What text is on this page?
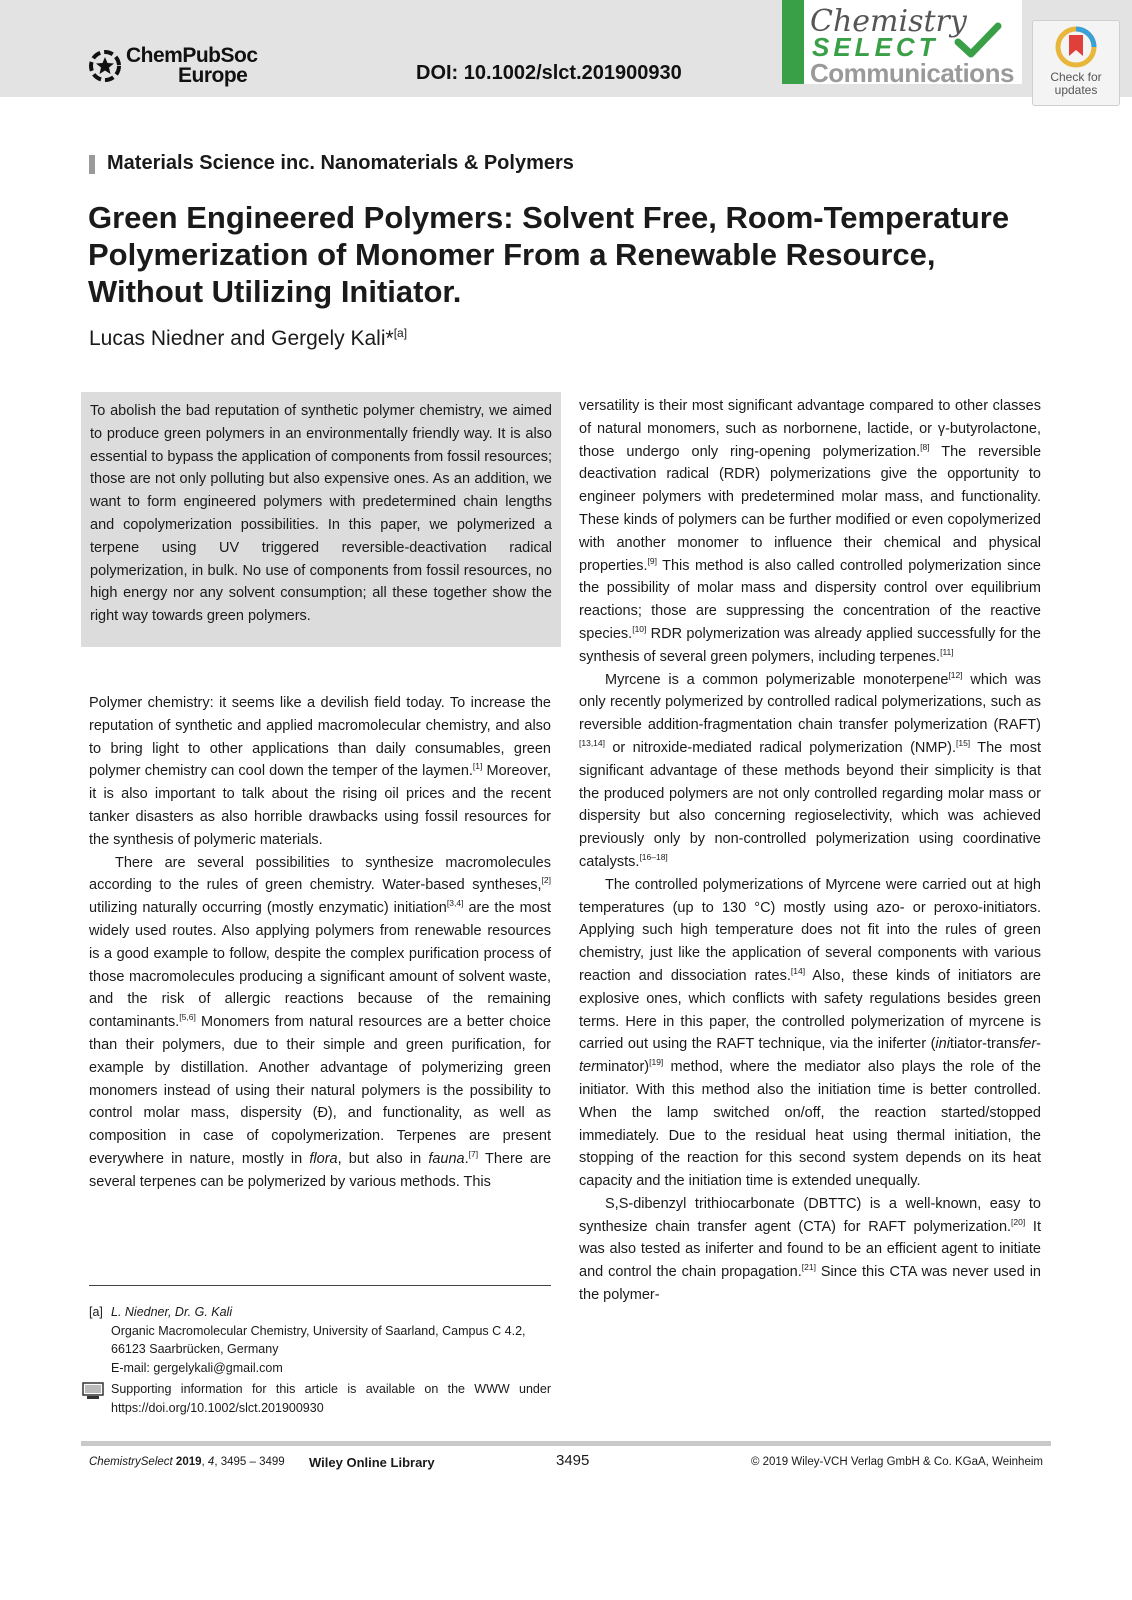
ChemPubSoc
Europe	DOI: 10.1002/slct.201900930
Chemistry
SELECT
Communications	Check for
updates
Materials Science inc. Nanomaterials & Polymers
Green Engineered Polymers: Solvent Free, Room-Temperature Polymerization of Monomer From a Renewable Resource, Without Utilizing Initiator.
Lucas Niedner and Gergely Kali*[a]

To abolish the bad reputation of synthetic polymer chemistry, we aimed to produce green polymers in an environmentally friendly way. It is also essential to bypass the application of components from fossil resources; those are not only polluting but also expensive ones. As an addition, we want to form engineered polymers with predetermined chain lengths and copolymerization possibilities. In this paper, we polymerized a terpene using UV triggered reversible-deactivation radical polymerization, in bulk. No use of components from fossil resources, no high energy nor any solvent consumption; all these together show the right way towards green polymers.

Polymer chemistry: it seems like a devilish field today. To increase the reputation of synthetic and applied macromolecular chemistry, and also to bring light to other applications than daily consumables, green polymer chemistry can cool down the temper of the laymen.[1] Moreover, it is also important to talk about the rising oil prices and the recent tanker disasters as also horrible drawbacks using fossil resources for the synthesis of polymeric materials.

There are several possibilities to synthesize macromolecules according to the rules of green chemistry. Water-based syntheses,[2] utilizing naturally occurring (mostly enzymatic) initiation[3,4] are the most widely used routes. Also applying polymers from renewable resources is a good example to follow, despite the complex purification process of those macromolecules producing a significant amount of solvent waste, and the risk of allergic reactions because of the remaining contaminants.[5,6] Monomers from natural resources are a better choice than their polymers, due to their simple and green purification, for example by distillation. Another advantage of polymerizing green monomers instead of using their natural polymers is the possibility to control molar mass, dispersity (Đ), and functionality, as well as composition in case of copolymerization. Terpenes are present everywhere in nature, mostly in flora, but also in fauna.[7] There are several terpenes can be polymerized by various methods. This

versatility is their most significant advantage compared to other classes of natural monomers, such as norbornene, lactide, or γ-butyrolactone, those undergo only ring-opening polymerization.[8] The reversible deactivation radical (RDR) polymerizations give the opportunity to engineer polymers with predetermined molar mass, and functionality. These kinds of polymers can be further modified or even copolymerized with another monomer to influence their chemical and physical properties.[9] This method is also called controlled polymerization since the possibility of molar mass and dispersity control over equilibrium reactions; those are suppressing the concentration of the reactive species.[10] RDR polymerization was already applied successfully for the synthesis of several green polymers, including terpenes.[11]

Myrcene is a common polymerizable monoterpene[12] which was only recently polymerized by controlled radical polymerizations, such as reversible addition-fragmentation chain transfer polymerization (RAFT)[13,14] or nitroxide-mediated radical polymerization (NMP).[15] The most significant advantage of these methods beyond their simplicity is that the produced polymers are not only controlled regarding molar mass or dispersity but also concerning regioselectivity, which was achieved previously only by non-controlled polymerization using coordinative catalysts.[16–18]

The controlled polymerizations of Myrcene were carried out at high temperatures (up to 130 °C) mostly using azo- or peroxo-initiators. Applying such high temperature does not fit into the rules of green chemistry, just like the application of several components with various reaction and dissociation rates.[14] Also, these kinds of initiators are explosive ones, which conflicts with safety regulations besides green terms. Here in this paper, the controlled polymerization of myrcene is carried out using the RAFT technique, via the iniferter (initiator-transfer-terminator)[19] method, where the mediator also plays the role of the initiator. With this method also the initiation time is better controlled. When the lamp switched on/off, the reaction started/stopped immediately. Due to the residual heat using thermal initiation, the stopping of the reaction for this second system depends on its heat capacity and the initiation time is extended unequally.

S,S-dibenzyl trithiocarbonate (DBTTC) is a well-known, easy to synthesize chain transfer agent (CTA) for RAFT polymerization.[20] It was also tested as iniferter and found to be an efficient agent to initiate and control the chain propagation.[21] Since this CTA was never used in the polymer-

[a] L. Niedner, Dr. G. Kali
Organic Macromolecular Chemistry, University of Saarland, Campus C 4.2,
66123 Saarbrücken, Germany
E-mail: gergelykali@gmail.com
Supporting information for this article is available on the WWW under https://doi.org/10.1002/slct.201900930
ChemistrySelect 2019, 4, 3495 – 3499 Wiley Online Library	3495	© 2019 Wiley-VCH Verlag GmbH & Co. KGaA, Weinheim
